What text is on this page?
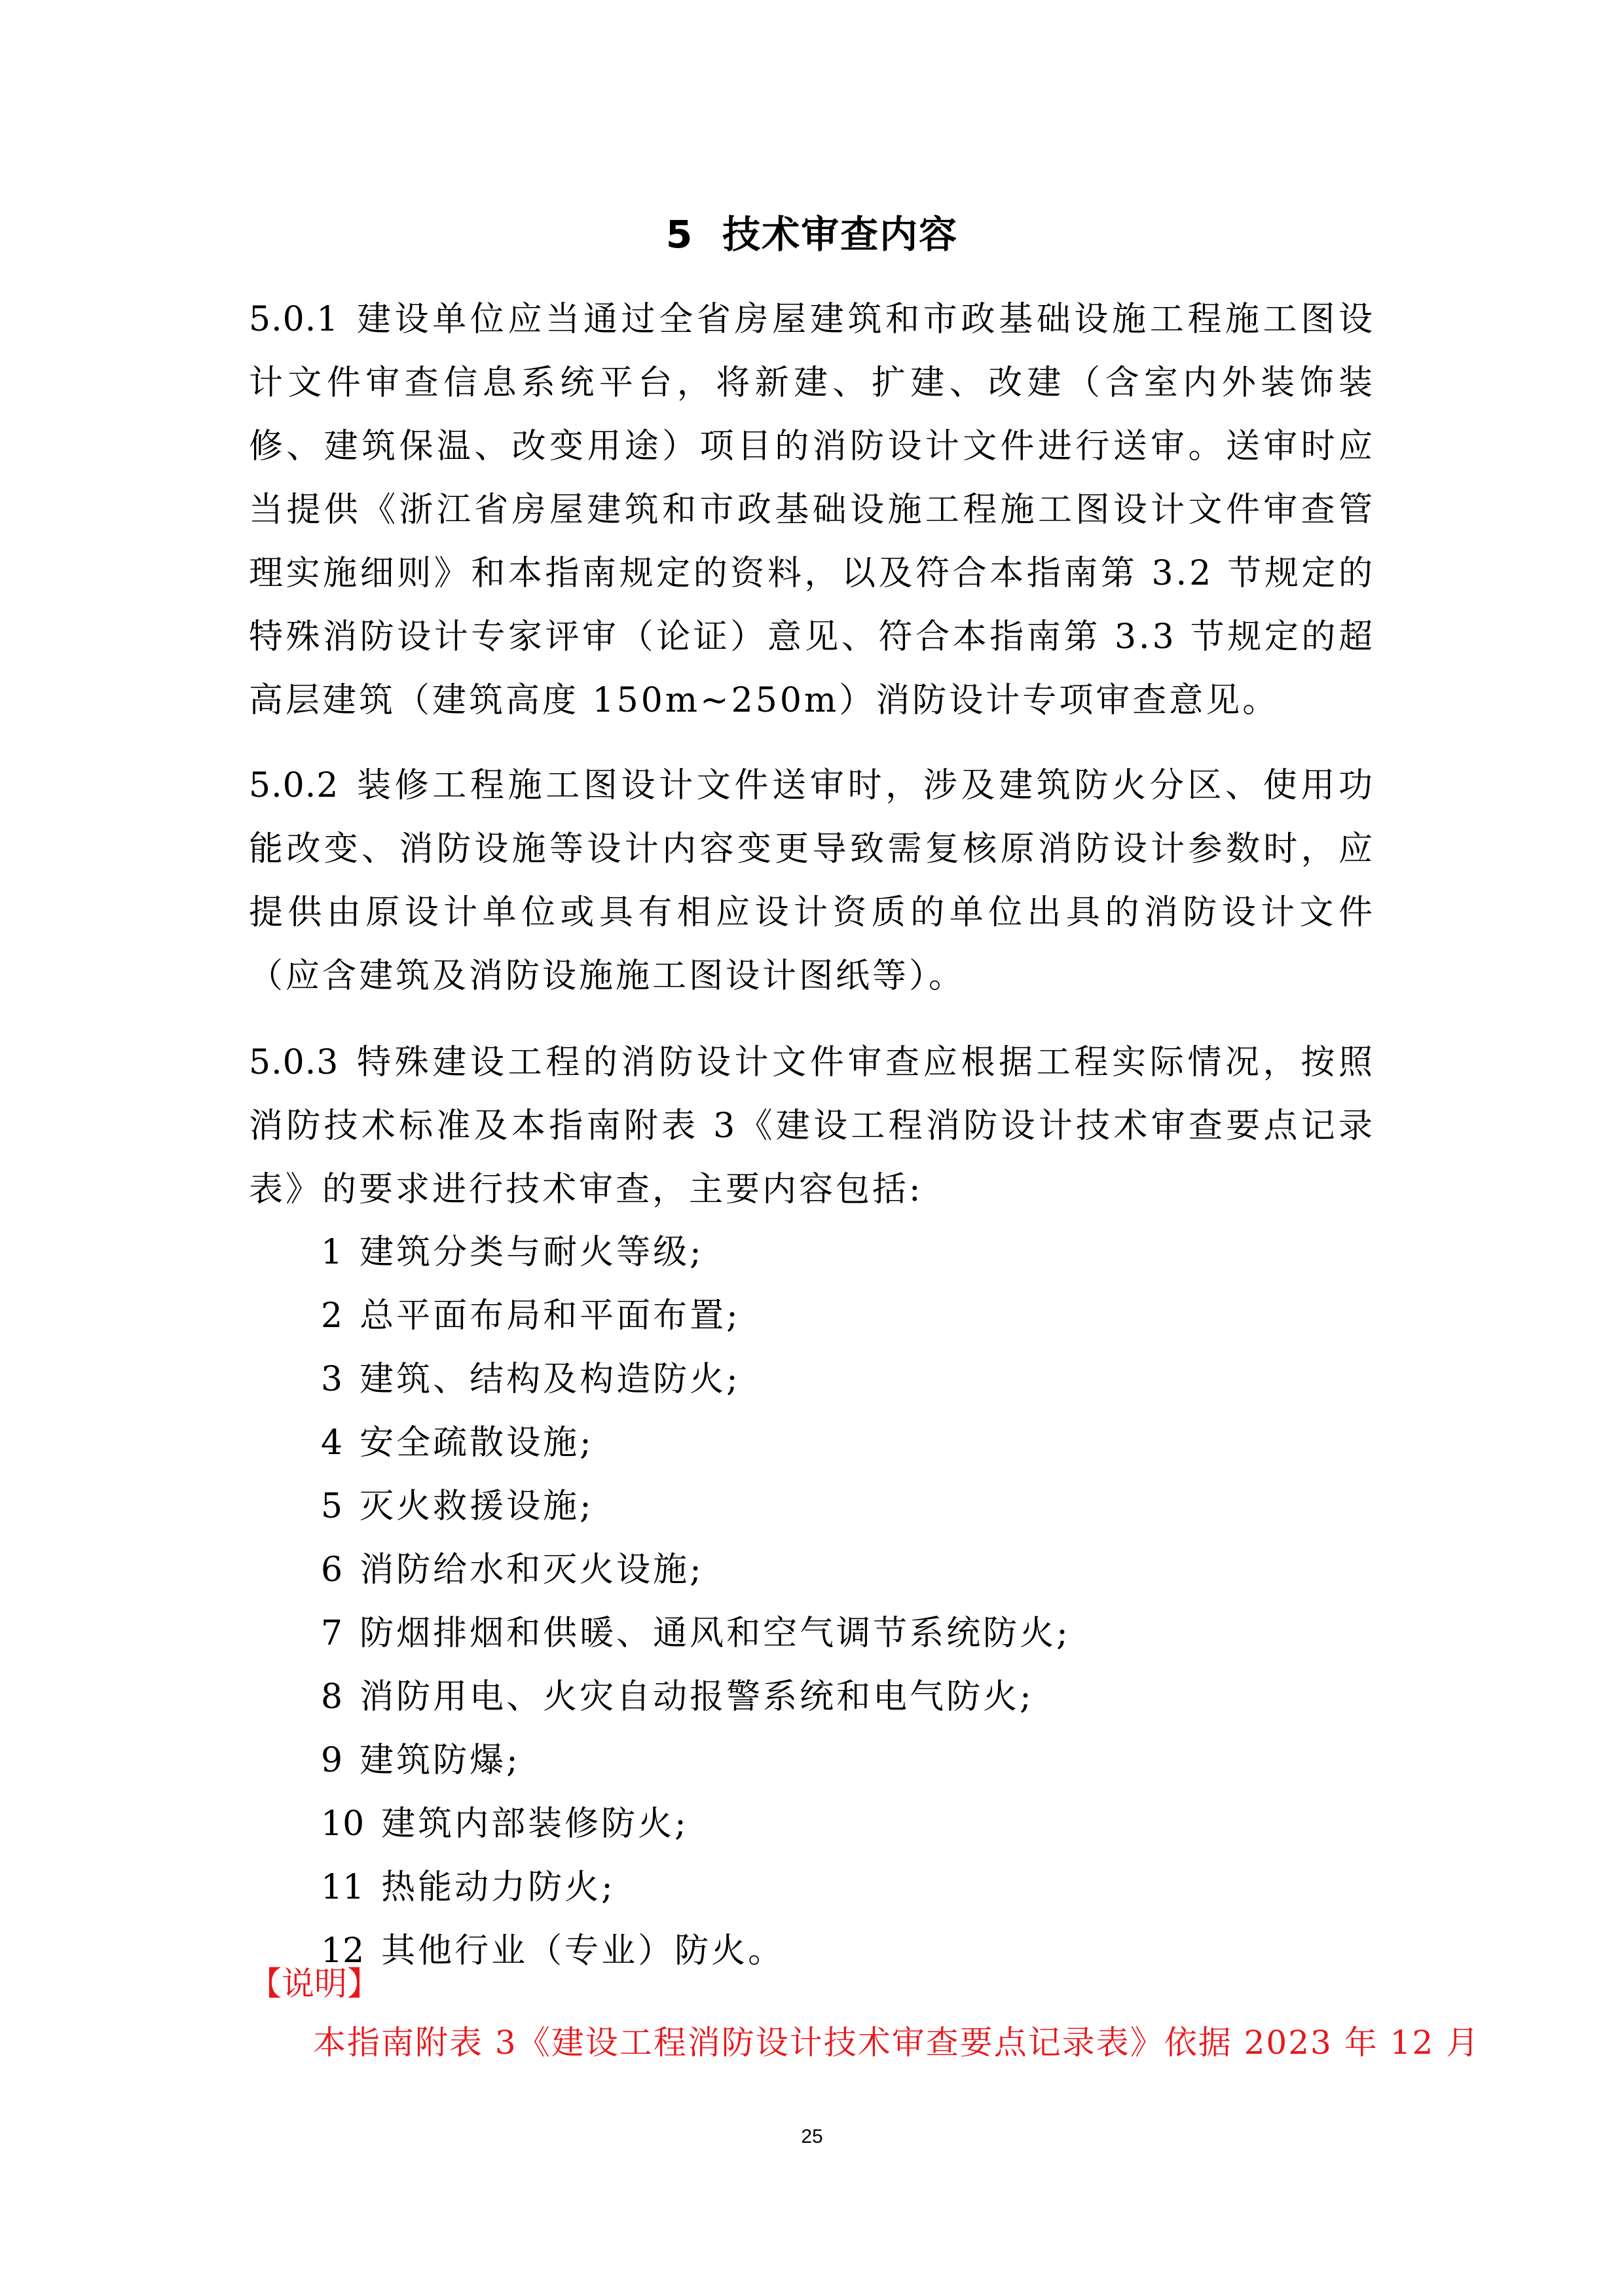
5 技术审查内容
5.0.1 建设单位应当通过全省房屋建筑和市政基础设施工程施工图设计文件审查信息系统平台，将新建、扩建、改建（含室内外装饰装修、建筑保温、改变用途）项目的消防设计文件进行送审。送审时应当提供《浙江省房屋建筑和市政基础设施工程施工图设计文件审查管理实施细则》和本指南规定的资料，以及符合本指南第 3.2 节规定的特殊消防设计专家评审（论证）意见、符合本指南第 3.3 节规定的超高层建筑（建筑高度 150m~250m）消防设计专项审查意见。
5.0.2 装修工程施工图设计文件送审时，涉及建筑防火分区、使用功能改变、消防设施等设计内容变更导致需复核原消防设计参数时，应提供由原设计单位或具有相应设计资质的单位出具的消防设计文件（应含建筑及消防设施施工图设计图纸等）。
5.0.3 特殊建设工程的消防设计文件审查应根据工程实际情况，按照消防技术标准及本指南附表 3《建设工程消防设计技术审查要点记录表》的要求进行技术审查，主要内容包括:
1 建筑分类与耐火等级;
2 总平面布局和平面布置;
3 建筑、结构及构造防火;
4 安全疏散设施;
5 灭火救援设施;
6 消防给水和灭火设施;
7 防烟排烟和供暖、通风和空气调节系统防火;
8 消防用电、火灾自动报警系统和电气防火;
9 建筑防爆;
10 建筑内部装修防火;
11 热能动力防火;
12 其他行业（专业）防火。
【说明】
本指南附表 3《建设工程消防设计技术审查要点记录表》依据 2023 年 12 月
25
